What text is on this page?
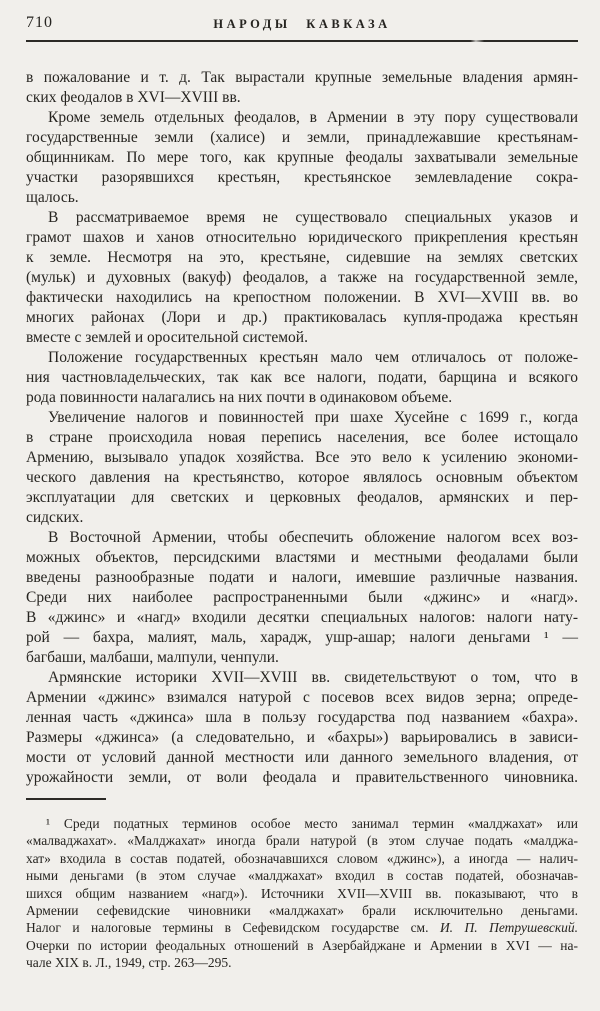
710	НАРОДЫ КАВКАЗА
в пожалование и т. д. Так вырастали крупные земельные владения армян-
ских феодалов в XVI—XVIII вв.
Кроме земель отдельных феодалов, в Армении в эту пору существовали
государственные земли (халисе) и земли, принадлежавшие крестьянам-
общинникам. По мере того, как крупные феодалы захватывали земельные
участки разорявшихся крестьян, крестьянское землевладение сокра-
щалось.
В рассматриваемое время не существовало специальных указов и
грамот шахов и ханов относительно юридического прикрепления крестьян
к земле. Несмотря на это, крестьяне, сидевшие на землях светских
(мульк) и духовных (вакуф) феодалов, а также на государственной земле,
фактически находились на крепостном положении. В XVI—XVIII вв. во
многих районах (Лори и др.) практиковалась купля-продажа крестьян
вместе с землей и оросительной системой.
Положение государственных крестьян мало чем отличалось от положе-
ния частновладельческих, так как все налоги, подати, барщина и всякого
рода повинности налагались на них почти в одинаковом объеме.
Увеличение налогов и повинностей при шахе Хусейне с 1699 г., когда
в стране происходила новая перепись населения, все более истощало
Армению, вызывало упадок хозяйства. Все это вело к усилению экономи-
ческого давления на крестьянство, которое являлось основным объектом
эксплуатации для светских и церковных феодалов, армянских и пер-
сидских.
В Восточной Армении, чтобы обеспечить обложение налогом всех воз-
можных объектов, персидскими властями и местными феодалами были
введены разнообразные подати и налоги, имевшие различные названия.
Среди них наиболее распространенными были «джинс» и «нагд».
В «джинс» и «нагд» входили десятки специальных налогов: налоги нату-
рой — бахра, малият, маль, харадж, ушр-ашар; налоги деньгами ¹ —
багбаши, малбаши, малпули, ченпули.
Армянские историки XVII—XVIII вв. свидетельствуют о том, что в
Армении «джинс» взимался натурой с посевов всех видов зерна; опреде-
ленная часть «джинса» шла в пользу государства под названием «бахра».
Размеры «джинса» (а следовательно, и «бахры») варьировались в зависи-
мости от условий данной местности или данного земельного владения, от
урожайности земли, от воли феодала и правительственного чиновника.
¹ Среди податных терминов особое место занимал термин «малджахат» или
«малваджахат». «Малджахат» иногда брали натурой (в этом случае подать «малджа-
хат» входила в состав податей, обозначавшихся словом «джинс»), а иногда — налич-
ными деньгами (в этом случае «малджахат» входил в состав податей, обозначав-
шихся общим названием «нагд»). Источники XVII—XVIII вв. показывают, что в
Армении сефевидские чиновники «малджахат» брали исключительно деньгами.
Налог и налоговые термины в Сефевидском государстве см. И. П. Петрушевский.
Очерки по истории феодальных отношений в Азербайджане и Армении в XVI — на-
чале XIX в. Л., 1949, стр. 263—295.
